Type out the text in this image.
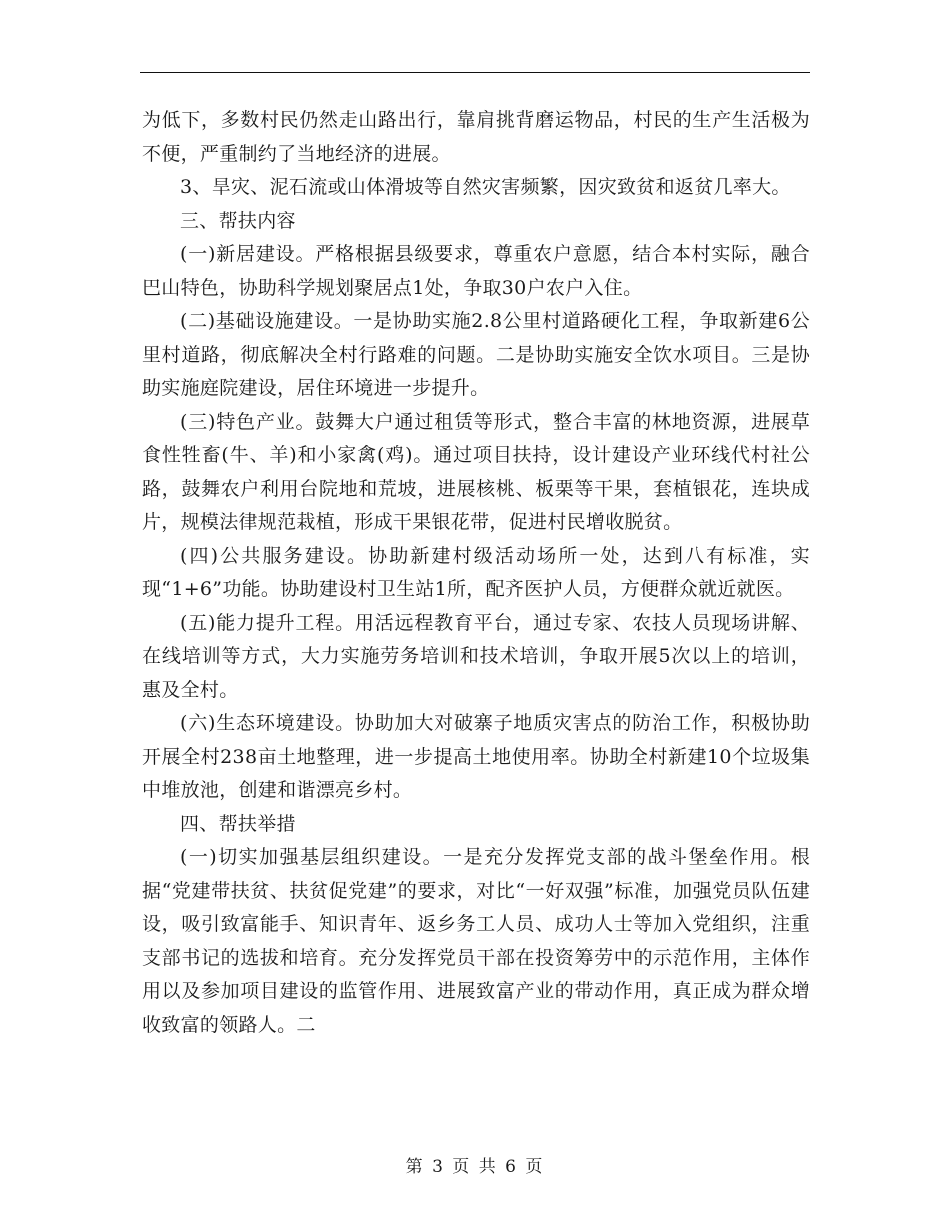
为低下，多数村民仍然走山路出行，靠肩挑背磨运物品，村民的生产生活极为不便，严重制约了当地经济的进展。

3、旱灾、泥石流或山体滑坡等自然灾害频繁，因灾致贫和返贫几率大。

三、帮扶内容

(一)新居建设。严格根据县级要求，尊重农户意愿，结合本村实际，融合巴山特色，协助科学规划聚居点1处，争取30户农户入住。

(二)基础设施建设。一是协助实施2.8公里村道路硬化工程，争取新建6公里村道路，彻底解决全村行路难的问题。二是协助实施安全饮水项目。三是协助实施庭院建设，居住环境进一步提升。

(三)特色产业。鼓舞大户通过租赁等形式，整合丰富的林地资源，进展草食性牲畜(牛、羊)和小家禽(鸡)。通过项目扶持，设计建设产业环线代村社公路，鼓舞农户利用台院地和荒坡，进展核桃、板栗等干果，套植银花，连块成片，规模法律规范栽植，形成干果银花带，促进村民增收脱贫。

(四)公共服务建设。协助新建村级活动场所一处，达到八有标准，实现“1+6”功能。协助建设村卫生站1所，配齐医护人员，方便群众就近就医。

(五)能力提升工程。用活远程教育平台，通过专家、农技人员现场讲解、在线培训等方式，大力实施劳务培训和技术培训，争取开展5次以上的培训，惠及全村。

(六)生态环境建设。协助加大对破寨子地质灾害点的防治工作，积极协助开展全村238亩土地整理，进一步提高土地使用率。协助全村新建10个垃圾集中堆放池，创建和谐漂亮乡村。

四、帮扶举措

(一)切实加强基层组织建设。一是充分发挥党支部的战斗堡垒作用。根据“党建带扶贫、扶贫促党建”的要求，对比“一好双强”标准，加强党员队伍建设，吸引致富能手、知识青年、返乡务工人员、成功人士等加入党组织，注重支部书记的选拔和培育。充分发挥党员干部在投资筹劳中的示范作用，主体作用以及参加项目建设的监管作用、进展致富产业的带动作用，真正成为群众增收致富的领路人。二

第 3 页 共 6 页
